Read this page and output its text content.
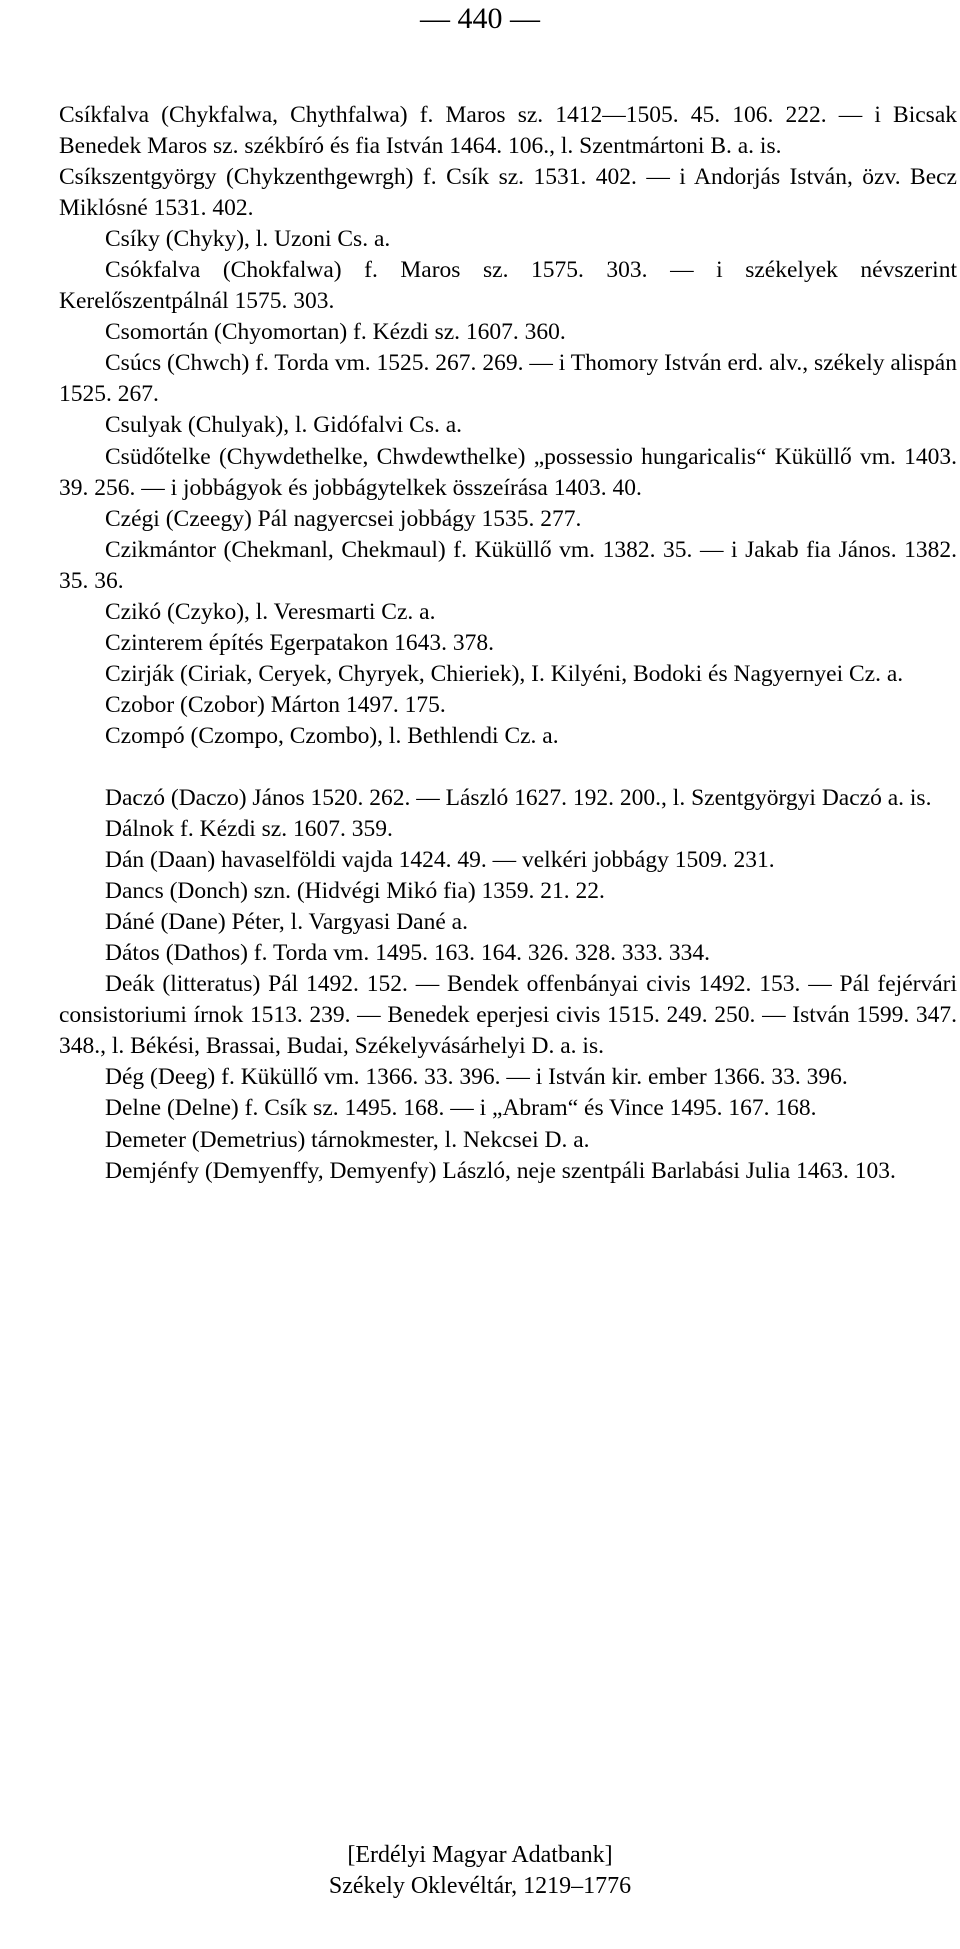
— 440 —

Csíkfalva (Chykfalwa, Chythfalwa) f. Maros sz. 1412—1505. 45. 106. 222. — i Bicsak Benedek Maros sz. székbíró és fia István 1464. 106., l. Szentmártoni B. a. is.

Csíkszentgyörgy (Chykzenthgewrgh) f. Csík sz. 1531. 402. — i Andorjás István, özv. Becz Miklósné 1531. 402.

Csíky (Chyky), l. Uzoni Cs. a.

Csókfalva (Chokfalwa) f. Maros sz. 1575. 303. — i székelyek névszerint Kerelőszentpálnál 1575. 303.

Csomortán (Chyomortan) f. Kézdi sz. 1607. 360.

Csúcs (Chwch) f. Torda vm. 1525. 267. 269. — i Thomory István erd. alv., székely alispán 1525. 267.

Csulyak (Chulyak), l. Gidófalvi Cs. a.

Csüdőtelke (Chywdethelke, Chwdewthelke) „possessio hungaricalis“ Küküllő vm. 1403. 39. 256. — i jobbágyok és jobbágytelkek összeírása 1403. 40.

Czégi (Czeegy) Pál nagyercsei jobbágy 1535. 277.

Czikmántor (Chekmanl, Chekmaul) f. Küküllő vm. 1382. 35. — i Jakab fia János. 1382. 35. 36.

Czikó (Czyko), l. Veresmarti Cz. a.

Czinterem építés Egerpatakon 1643. 378.

Czirják (Ciriak, Ceryek, Chyryek, Chieriek), I. Kilyéni, Bodoki és Nagyernyei Cz. a.

Czobor (Czobor) Márton 1497. 175.

Czompó (Czompo, Czombo), l. Bethlendi Cz. a.

Daczó (Daczo) János 1520. 262. — László 1627. 192. 200., l. Szentgyörgyi Daczó a. is.

Dálnok f. Kézdi sz. 1607. 359.

Dán (Daan) havaselföldi vajda 1424. 49. — velkéri jobbágy 1509. 231.

Dancs (Donch) szn. (Hidvégi Mikó fia) 1359. 21. 22.

Dáné (Dane) Péter, l. Vargyasi Dané a.

Dátos (Dathos) f. Torda vm. 1495. 163. 164. 326. 328. 333. 334.

Deák (litteratus) Pál 1492. 152. — Bendek offenbányai civis 1492. 153. — Pál fejérvári consistoriumi írnok 1513. 239. — Benedek eperjesi civis 1515. 249. 250. — István 1599. 347. 348., l. Békési, Brassai, Budai, Székelyvásárhelyi D. a. is.

Dég (Deeg) f. Küküllő vm. 1366. 33. 396. — i István kir. ember 1366. 33. 396.

Delne (Delne) f. Csík sz. 1495. 168. — i „Abram“ és Vince 1495. 167. 168.

Demeter (Demetrius) tárnokmester, l. Nekcsei D. a.

Demjénfy (Demyenffy, Demyenfy) László, neje szentpáli Barlabási Julia 1463. 103.

[Erdélyi Magyar Adatbank]
Székely Oklevéltár, 1219–1776
